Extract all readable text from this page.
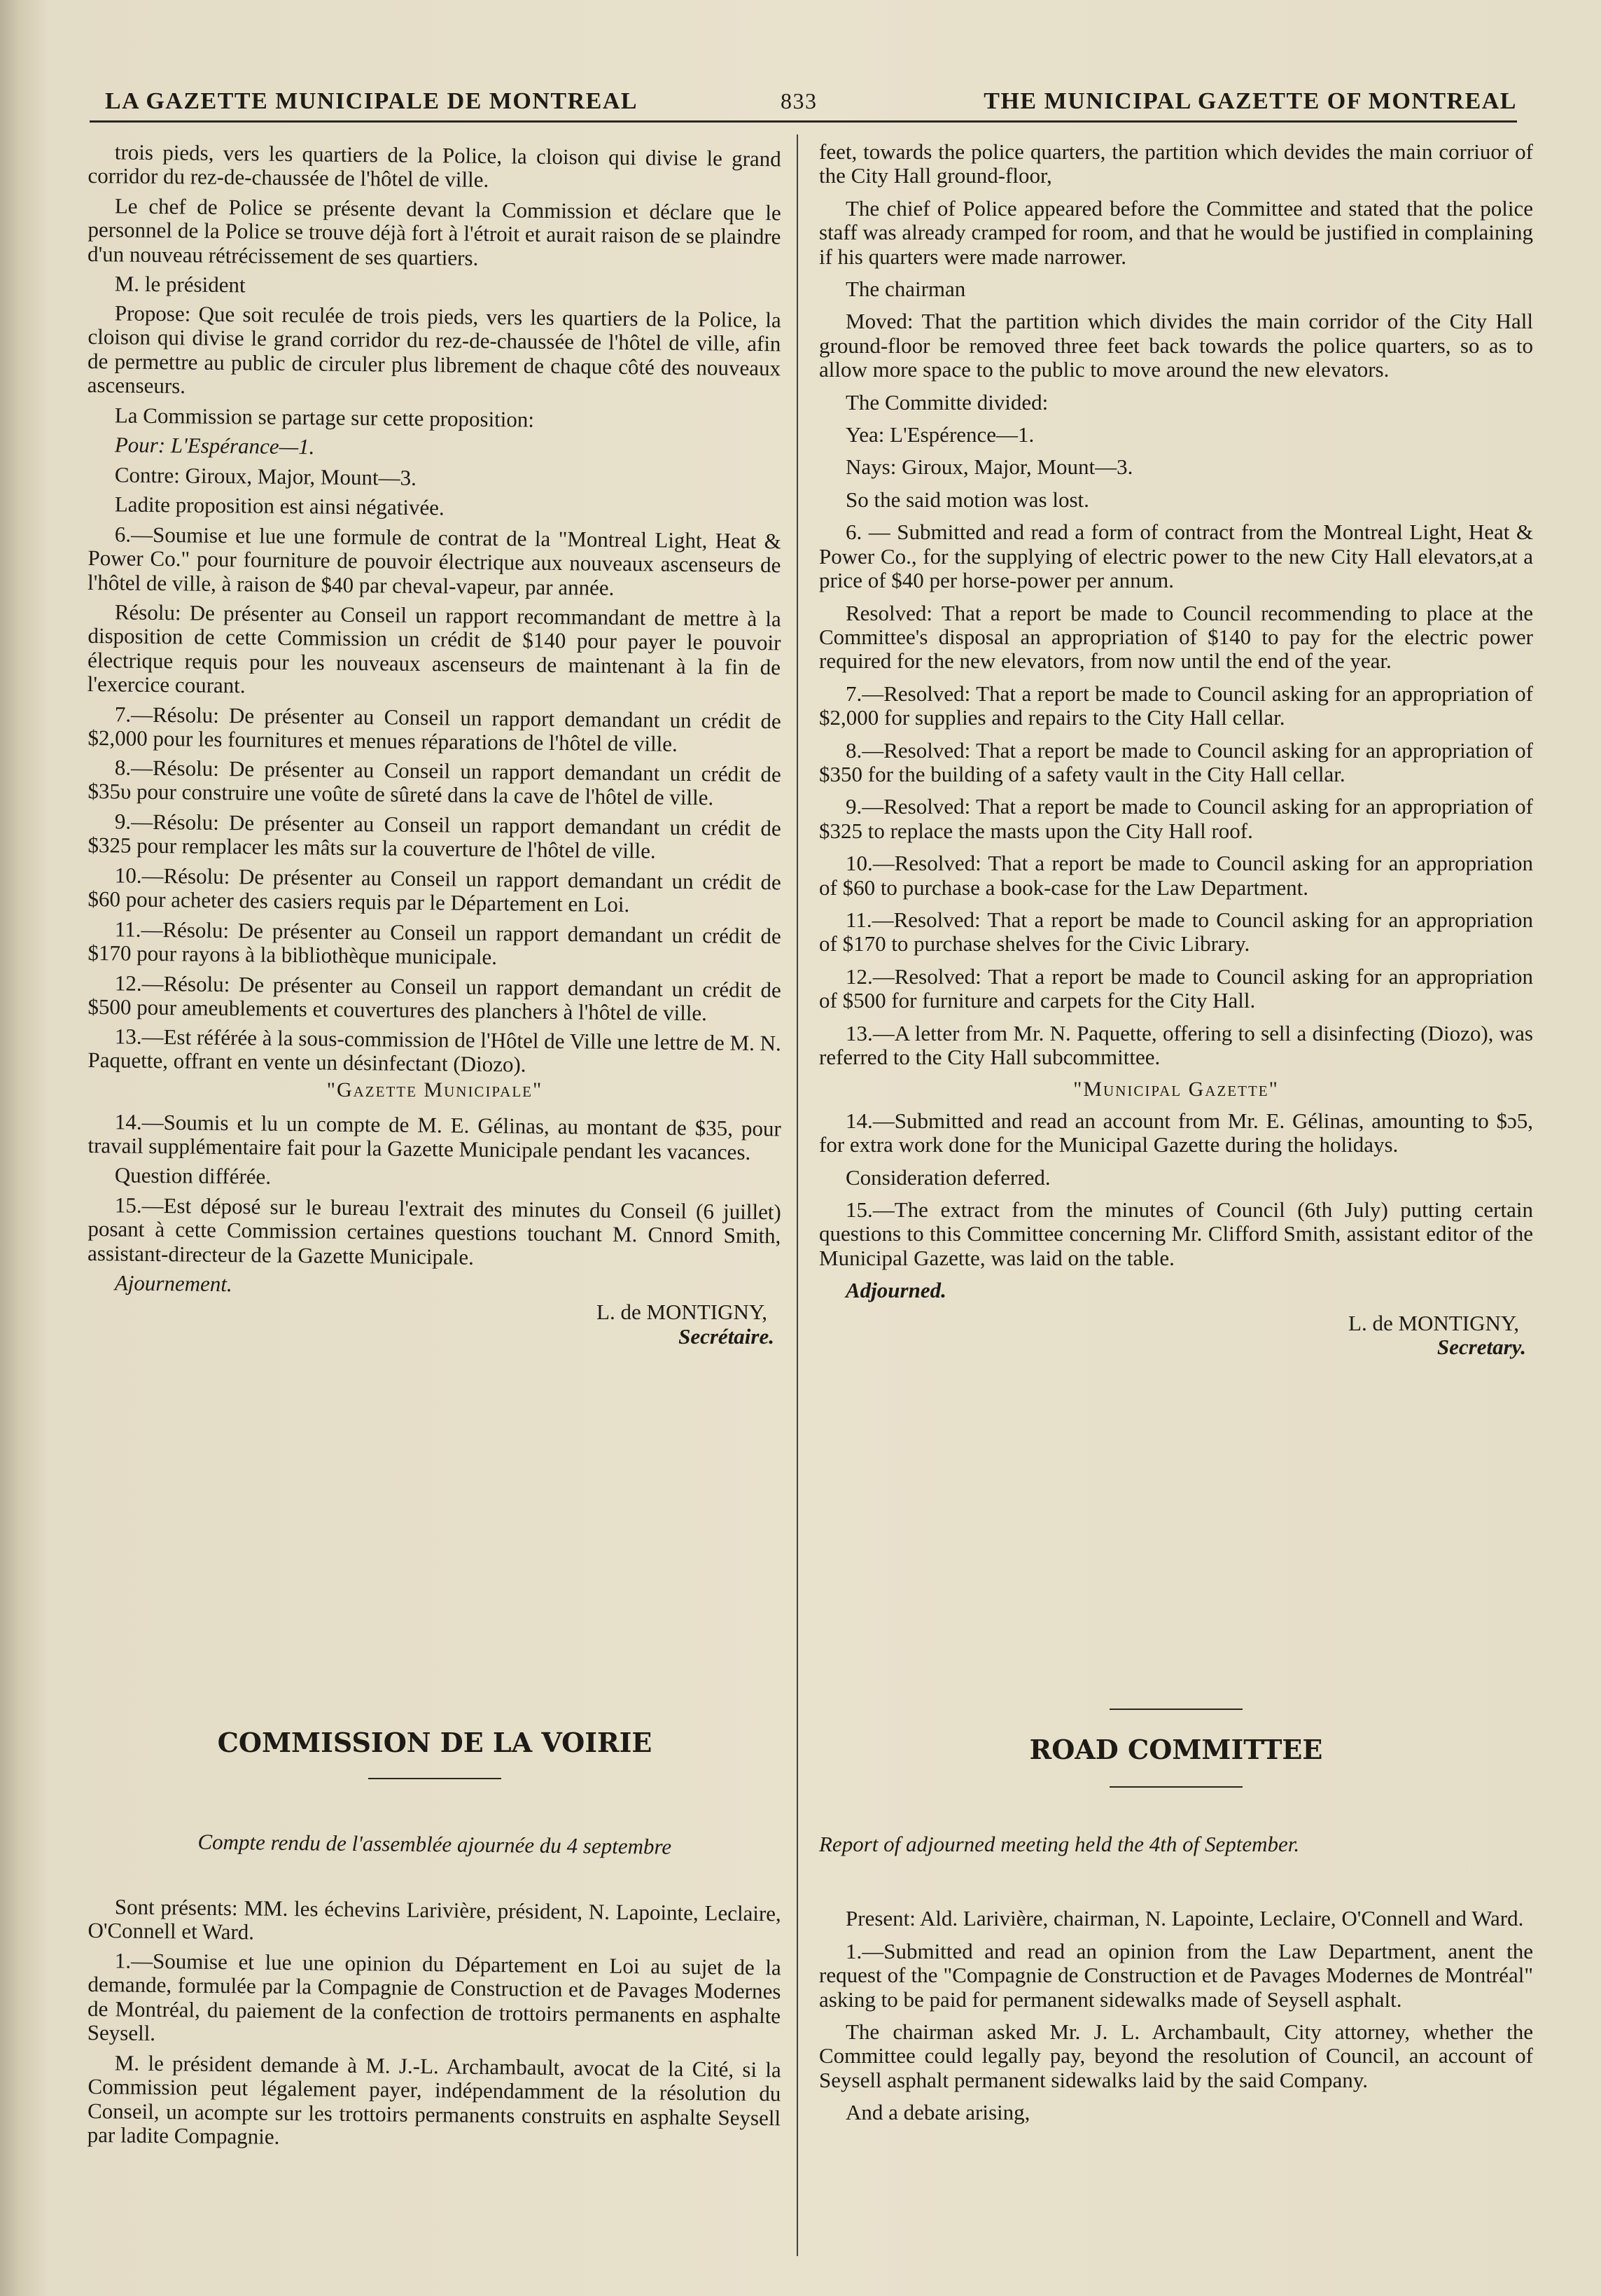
LA GAZETTE MUNICIPALE DE MONTREAL	833	THE MUNICIPAL GAZETTE OF MONTREAL

trois pieds, vers les quartiers de la Police, la cloison qui divise le grand corridor du rez-de-chaussée de l'hôtel de ville.

Le chef de Police se présente devant la Commission et déclare que le personnel de la Police se trouve déjà fort à l'étroit et aurait raison de se plaindre d'un nouveau rétrécissement de ses quartiers.

M. le président

Propose: Que soit reculée de trois pieds, vers les quartiers de la Police, la cloison qui divise le grand corridor du rez-de-chaussée de l'hôtel de ville, afin de permettre au public de circuler plus librement de chaque côté des nouveaux ascenseurs.

La Commission se partage sur cette proposition:

Pour: L'Espérance—1.

Contre: Giroux, Major, Mount—3.

Ladite proposition est ainsi négativée.

6.—Soumise et lue une formule de contrat de la "Montreal Light, Heat & Power Co." pour fourniture de pouvoir électrique aux nouveaux ascenseurs de l'hôtel de ville, à raison de $40 par cheval-vapeur, par année.

Résolu: De présenter au Conseil un rapport recommandant de mettre à la disposition de cette Commission un crédit de $140 pour payer le pouvoir électrique requis pour les nouveaux ascenseurs de maintenant à la fin de l'exercice courant.

7.—Résolu: De présenter au Conseil un rapport demandant un crédit de $2,000 pour les fournitures et menues réparations de l'hôtel de ville.

8.—Résolu: De présenter au Conseil un rapport demandant un crédit de $35υ pour construire une voûte de sûreté dans la cave de l'hôtel de ville.

9.—Résolu: De présenter au Conseil un rapport demandant un crédit de $325 pour remplacer les mâts sur la couverture de l'hôtel de ville.

10.—Résolu: De présenter au Conseil un rapport demandant un crédit de $60 pour acheter des casiers requis par le Département en Loi.

11.—Résolu: De présenter au Conseil un rapport demandant un crédit de $170 pour rayons à la bibliothèque municipale.

12.—Résolu: De présenter au Conseil un rapport demandant un crédit de $500 pour ameublements et couvertures des planchers à l'hôtel de ville.

13.—Est référée à la sous-commission de l'Hôtel de Ville une lettre de M. N. Paquette, offrant en vente un désinfectant (Diozo).

"Gazette Municipale"

14.—Soumis et lu un compte de M. E. Gélinas, au montant de $35, pour travail supplémentaire fait pour la Gazette Municipale pendant les vacances.

Question différée.

15.—Est déposé sur le bureau l'extrait des minutes du Conseil (6 juillet) posant à cette Commission certaines questions touchant M. Cnnord Smith, assistant-directeur de la Gazette Municipale.

Ajournement.

L. de MONTIGNY,
Secrétaire.
COMMISSION DE LA VOIRIE

Compte rendu de l'assemblée ajournée du 4 septembre

Sont présents: MM. les échevins Larivière, président, N. Lapointe, Leclaire, O'Connell et Ward.

1.—Soumise et lue une opinion du Département en Loi au sujet de la demande, formulée par la Compagnie de Construction et de Pavages Modernes de Montréal, du paiement de la confection de trottoirs permanents en asphalte Seysell.

M. le président demande à M. J.-L. Archambault, avocat de la Cité, si la Commission peut légalement payer, indépendamment de la résolution du Conseil, un acompte sur les trottoirs permanents construits en asphalte Seysell par ladite Compagnie.

feet, towards the police quarters, the partition which devides the main corriuor of the City Hall ground-floor,

The chief of Police appeared before the Committee and stated that the police staff was already cramped for room, and that he would be justified in complaining if his quarters were made narrower.

The chairman

Moved: That the partition which divides the main corridor of the City Hall ground-floor be removed three feet back towards the police quarters, so as to allow more space to the public to move around the new elevators.

The Committe divided:

Yea: L'Espérence—1.

Nays: Giroux, Major, Mount—3.

So the said motion was lost.

6. — Submitted and read a form of contract from the Montreal Light, Heat & Power Co., for the supplying of electric power to the new City Hall elevators,at a price of $40 per horse-power per annum.

Resolved: That a report be made to Council recommending to place at the Committee's disposal an appropriation of $140 to pay for the electric power required for the new elevators, from now until the end of the year.

7.—Resolved: That a report be made to Council asking for an appropriation of $2,000 for supplies and repairs to the City Hall cellar.

8.—Resolved: That a report be made to Council asking for an appropriation of $350 for the building of a safety vault in the City Hall cellar.

9.—Resolved: That a report be made to Council asking for an appropriation of $325 to replace the masts upon the City Hall roof.

10.—Resolved: That a report be made to Council asking for an appropriation of $60 to purchase a book-case for the Law Department.

11.—Resolved: That a report be made to Council asking for an appropriation of $170 to purchase shelves for the Civic Library.

12.—Resolved: That a report be made to Council asking for an appropriation of $500 for furniture and carpets for the City Hall.

13.—A letter from Mr. N. Paquette, offering to sell a disinfecting (Diozo), was referred to the City Hall subcommittee.

"Municipal Gazette"

14.—Submitted and read an account from Mr. E. Gélinas, amounting to $ɔ5, for extra work done for the Municipal Gazette during the holidays.

Consideration deferred.

15.—The extract from the minutes of Council (6th July) putting certain questions to this Committee concerning Mr. Clifford Smith, assistant editor of the Municipal Gazette, was laid on the table.

Adjourned.

L. de MONTIGNY,
Secretary.
ROAD COMMITTEE

Report of adjourned meeting held the 4th of September.

Present: Ald. Larivière, chairman, N. Lapointe, Leclaire, O'Connell and Ward.

1.—Submitted and read an opinion from the Law Department, anent the request of the "Compagnie de Construction et de Pavages Modernes de Montréal" asking to be paid for permanent sidewalks made of Seysell asphalt.

The chairman asked Mr. J. L. Archambault, City attorney, whether the Committee could legally pay, beyond the resolution of Council, an account of Seysell asphalt permanent sidewalks laid by the said Company.

And a debate arising,
